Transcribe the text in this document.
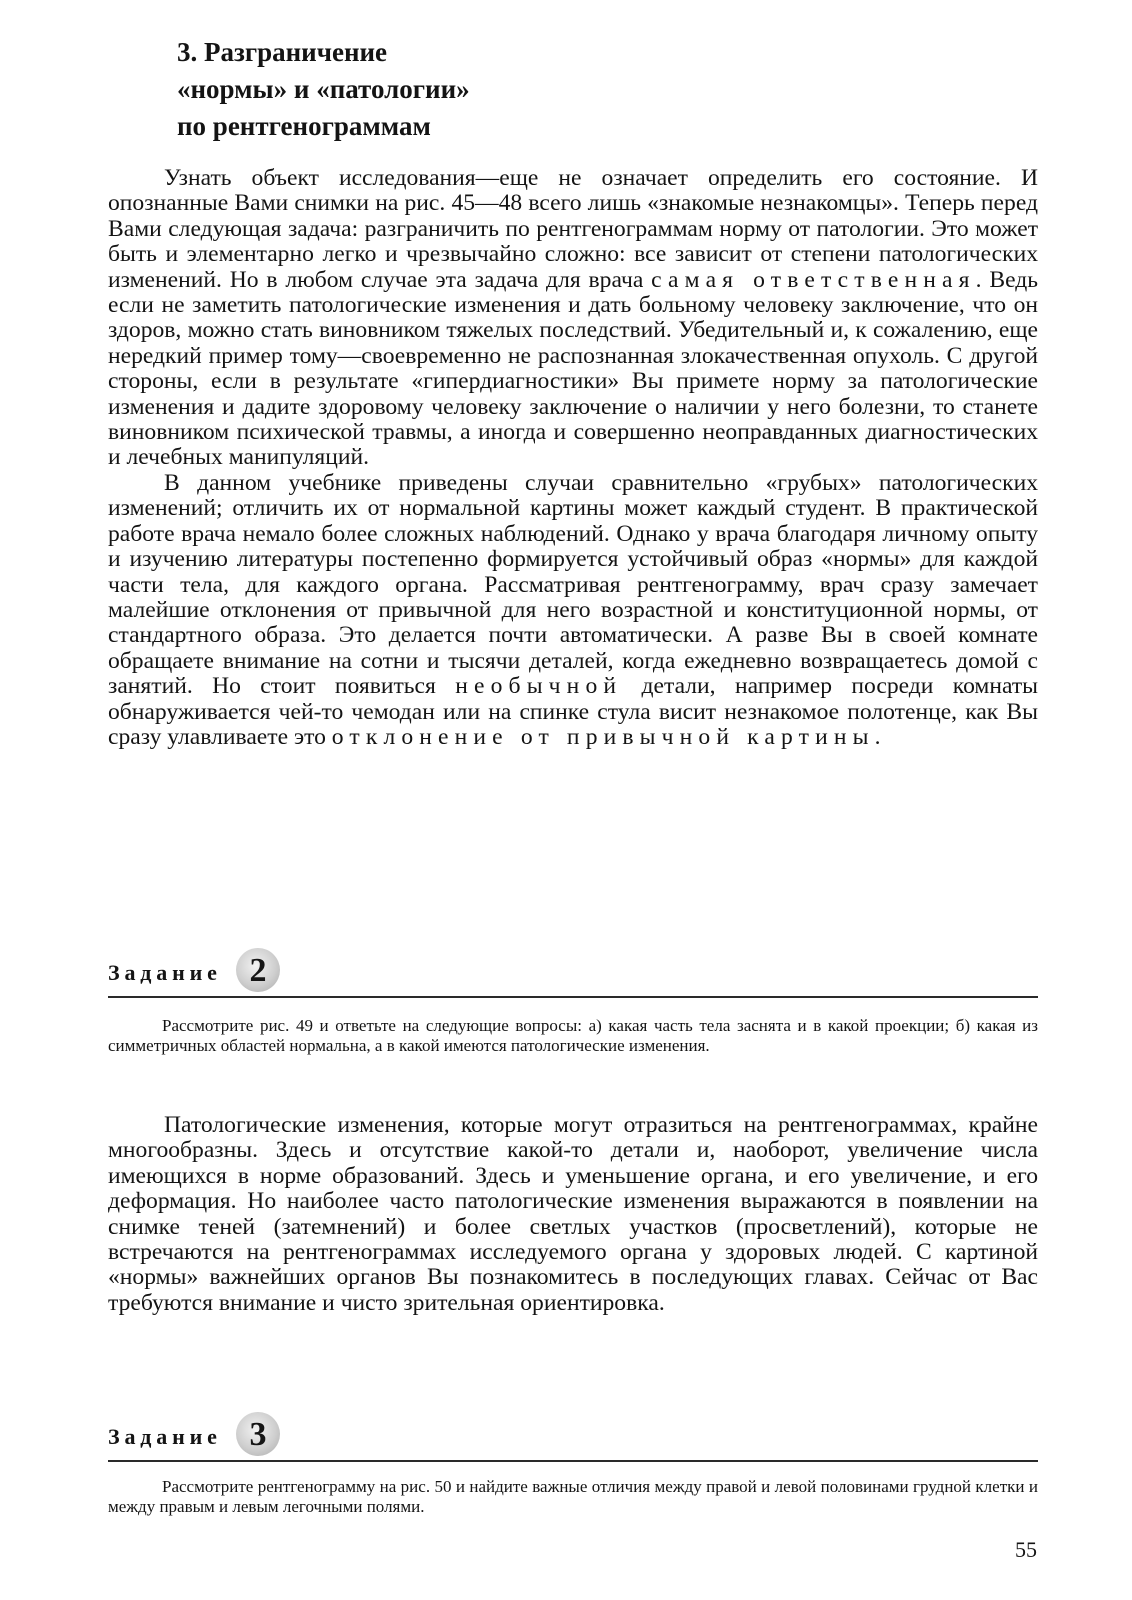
3. Разграничение
«нормы» и «патологии»
по рентгенограммам

Узнать объект исследования—еще не означает определить его состояние. И опознанные Вами снимки на рис. 45—48 всего лишь «знакомые незнакомцы». Теперь перед Вами следующая задача: разграничить по рентгенограммам норму от патологии. Это может быть и элементарно легко и чрезвычайно сложно: все зависит от степени патологических изменений. Но в любом случае эта задача для врача самая ответственная. Ведь если не заметить патологические изменения и дать больному человеку заключение, что он здоров, можно стать виновником тяжелых последствий. Убедительный и, к сожалению, еще нередкий пример тому—своевременно не распознанная злокачественная опухоль. С другой стороны, если в результате «гипердиагностики» Вы примете норму за патологические изменения и дадите здоровому человеку заключение о наличии у него болезни, то станете виновником психической травмы, а иногда и совершенно неоправданных диагностических и лечебных манипуляций.

В данном учебнике приведены случаи сравнительно «грубых» патологических изменений; отличить их от нормальной картины может каждый студент. В практической работе врача немало более сложных наблюдений. Однако у врача благодаря личному опыту и изучению литературы постепенно формируется устойчивый образ «нормы» для каждой части тела, для каждого органа. Рассматривая рентгенограмму, врач сразу замечает малейшие отклонения от привычной для него возрастной и конституционной нормы, от стандартного образа. Это делается почти автоматически. А разве Вы в своей комнате обращаете внимание на сотни и тысячи деталей, когда ежедневно возвращаетесь домой с занятий. Но стоит появиться необычной детали, например посреди комнаты обнаруживается чей-то чемодан или на спинке стула висит незнакомое полотенце, как Вы сразу улавливаете это отклонение от привычной картины.

Задание 2

Рассмотрите рис. 49 и ответьте на следующие вопросы: а) какая часть тела заснята и в какой проекции; б) какая из симметричных областей нормальна, а в какой имеются патологические изменения.

Патологические изменения, которые могут отразиться на рентгенограммах, крайне многообразны. Здесь и отсутствие какой-то детали и, наоборот, увеличение числа имеющихся в норме образований. Здесь и уменьшение органа, и его увеличение, и его деформация. Но наиболее часто патологические изменения выражаются в появлении на снимке теней (затемнений) и более светлых участков (просветлений), которые не встречаются на рентгенограммах исследуемого органа у здоровых людей. С картиной «нормы» важнейших органов Вы познакомитесь в последующих главах. Сейчас от Вас требуются внимание и чисто зрительная ориентировка.

Задание 3

Рассмотрите рентгенограмму на рис. 50 и найдите важные отличия между правой и левой половинами грудной клетки и между правым и левым легочными полями.

55
